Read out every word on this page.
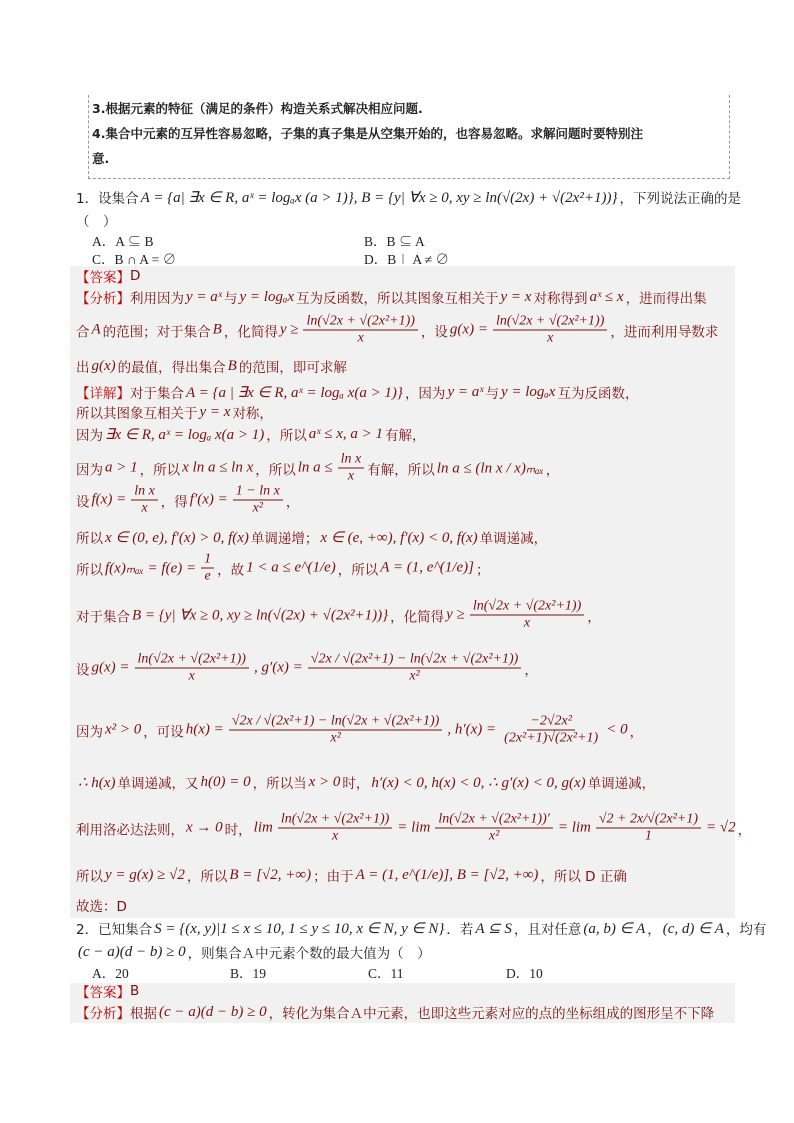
3.根据元素的特征（满足的条件）构造关系式解决相应问题.
4.集合中元素的互异性容易忽略，子集的真子集是从空集开始的，也容易忽略。求解问题时要特别注
意.
1．设集合 A = {a| ∃x ∈ R, aˣ = logₐx (a > 1)}, B = {y| ∀x ≥ 0, xy ≥ ln(√(2x) + √(2x²+1))} ，下列说法正确的是
（　）
A．A ⊆ B	B．B ⊆ A
C．B ∩ A = ∅	D．B∣ A ≠ ∅
【答案】 D
【分析】 利用因为 y = aˣ 与 y = logₐx 互为反函数，所以其图象互相关于 y = x 对称得到 aˣ ≤ x ，进而得出集
合 A 的范围；对于集合 B ，化简得 $y \ge \frac{\text{ln(√2x + √(2x²+1))}}{x}$ ，设 $g(x) = \frac{\text{ln(√2x + √(2x²+1))}}{x}$ ，进而利用导数求
出 g(x) 的最值，得出集合 B 的范围，即可求解
【详解】 对于集合 A = {a | ∃x ∈ R, aˣ = logₐ x(a > 1)} ，因为 y = aˣ 与 y = logₐx 互为反函数，
所以其图象互相关于 y = x 对称，
因为 ∃x ∈ R, aˣ = logₐ x(a > 1) ，所以 aˣ ≤ x, a > 1 有解，
因为 a > 1 ，所以 x ln a ≤ ln x ，所以 $\ln a \le \frac{\text{ln x}}{x}$ 有解，所以 ln a ≤ (ln x / x)ₘₐₓ ，
设 $f(x) = \frac{\text{ln x}}{x}$ ，得 $f'(x) = \frac{\text{1 − ln x}}{\text{x²}}$ ，
所以 x ∈ (0, e), f′(x) > 0, f(x) 单调递增； x ∈ (e, +∞), f′(x) < 0, f(x) 单调递减，
所以 $f(x)_{max} = f(e) = \frac{1}{e}$ ，故 1 < a ≤ e^(1/e) ，所以 A = (1, e^(1/e)] ；
对于集合 B = {y| ∀x ≥ 0, xy ≥ ln(√(2x) + √(2x²+1))} ，化简得 $y \ge \frac{\text{ln(√2x + √(2x²+1))}}{x}$ ，
设 $g(x) = \frac{\text{ln(√2x + √(2x²+1))}}{x}$ , $g'(x) = \frac{\text{√2x / √(2x²+1) − ln(√2x + √(2x²+1))}}{\text{x²}}$ ，
因为 x² > 0 ，可设 $h(x) = \frac{\text{√2x / √(2x²+1) − ln(√2x + √(2x²+1))}}{\text{x²}}$ , $h'(x) = \frac{\text{−2√2x²}}{\text{(2x²+1)√(2x²+1)}} < 0$ ，
∴ h(x) 单调递减，又 h(0) = 0 ，所以当 x > 0 时， h′(x) < 0, h(x) < 0, ∴ g′(x) < 0, g(x) 单调递减，
利用洛必达法则， x → 0 时， $\lim \frac{\text{ln(√2x + √(2x²+1))}}{x} = \lim \frac{\text{ln(√2x + √(2x²+1))′}}{\text{x²}} = \lim \frac{\text{√2 + 2x/√(2x²+1)}}{1} = √2$ ，
所以 y = g(x) ≥ √2 ，所以 B = [√2, +∞) ；由于 A = (1, e^(1/e)], B = [√2, +∞) ，所以 D 正确
故选：D
2．已知集合 S = {(x, y)|1 ≤ x ≤ 10, 1 ≤ y ≤ 10, x ∈ N, y ∈ N} ．若 A ⊆ S ，且对任意 (a, b) ∈ A ， (c, d) ∈ A ，均有
(c − a)(d − b) ≥ 0 ，则集合Ａ中元素个数的最大值为（　）
A．20	B．19	C．11	D．10
【答案】 B
【分析】 根据 (c − a)(d − b) ≥ 0 ，转化为集合Ａ中元素，也即这些元素对应的点的坐标组成的图形呈不下降
